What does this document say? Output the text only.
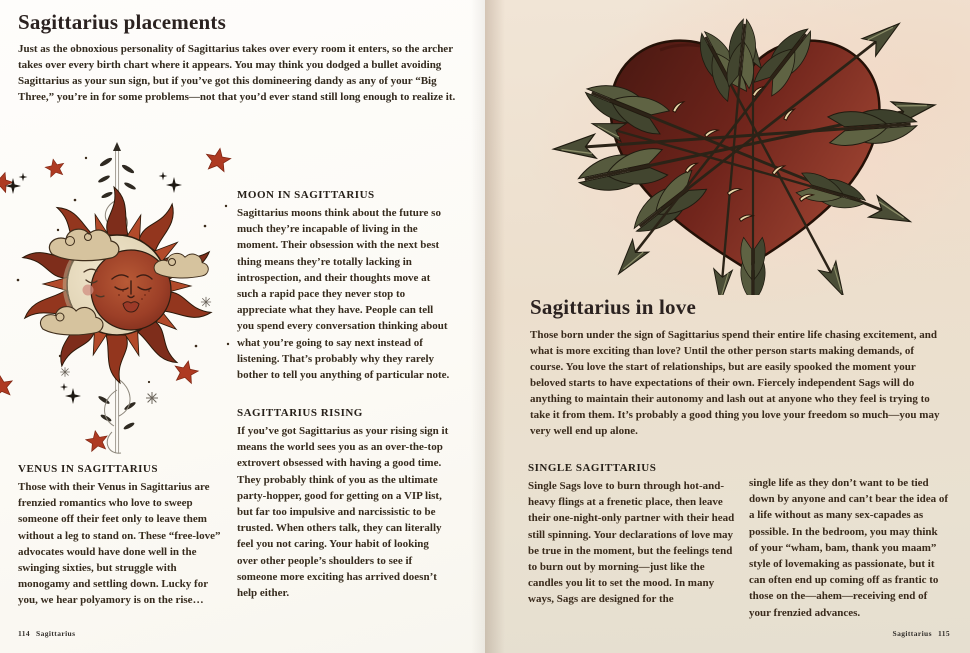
Sagittarius placements
Just as the obnoxious personality of Sagittarius takes over every room it enters, so the archer takes over every birth chart where it appears. You may think you dodged a bullet avoiding Sagittarius as your sun sign, but if you’ve got this domineering dandy as any of your “Big Three,” you’re in for some problems—not that you’d ever stand still long enough to realize it.
VENUS IN SAGITTARIUS
Those with their Venus in Sagittarius are frenzied romantics who love to sweep someone off their feet only to leave them without a leg to stand on. These “free-love” advocates would have done well in the swinging sixties, but struggle with monogamy and settling down. Lucky for you, we hear polyamory is on the rise…
MOON IN SAGITTARIUS
Sagittarius moons think about the future so much they’re incapable of living in the moment. Their obsession with the next best thing means they’re totally lacking in introspection, and their thoughts move at such a rapid pace they never stop to appreciate what they have. People can tell you spend every conversation thinking about what you’re going to say next instead of listening. That’s probably why they rarely bother to tell you anything of particular note.
SAGITTARIUS RISING
If you’ve got Sagittarius as your rising sign it means the world sees you as an over-the-top extrovert obsessed with having a good time. They probably think of you as the ultimate party-hopper, good for getting on a VIP list, but far too impulsive and narcissistic to be trusted. When others talk, they can literally feel you not caring. Your habit of looking over other people’s shoulders to see if someone more exciting has arrived doesn’t help either.
114 Sagittarius
Sagittarius in love
Those born under the sign of Sagittarius spend their entire life chasing excitement, and what is more exciting than love? Until the other person starts making demands, of course. You love the start of relationships, but are easily spooked the moment your beloved starts to have expectations of their own. Fiercely independent Sags will do anything to maintain their autonomy and lash out at anyone who they feel is trying to take it from them. It’s probably a good thing you love your freedom so much—you may very well end up alone.
SINGLE SAGITTARIUS
Single Sags love to burn through hot-and-heavy flings at a frenetic place, then leave their one-night-only partner with their head still spinning. Your declarations of love may be true in the moment, but the feelings tend to burn out by morning—just like the candles you lit to set the mood. In many ways, Sags are designed for the
single life as they don’t want to be tied down by anyone and can’t bear the idea of a life without as many sex-capades as possible. In the bedroom, you may think of your “wham, bam, thank you maam” style of lovemaking as passionate, but it can often end up coming off as frantic to those on the—ahem—receiving end of your frenzied advances.
Sagittarius 115
